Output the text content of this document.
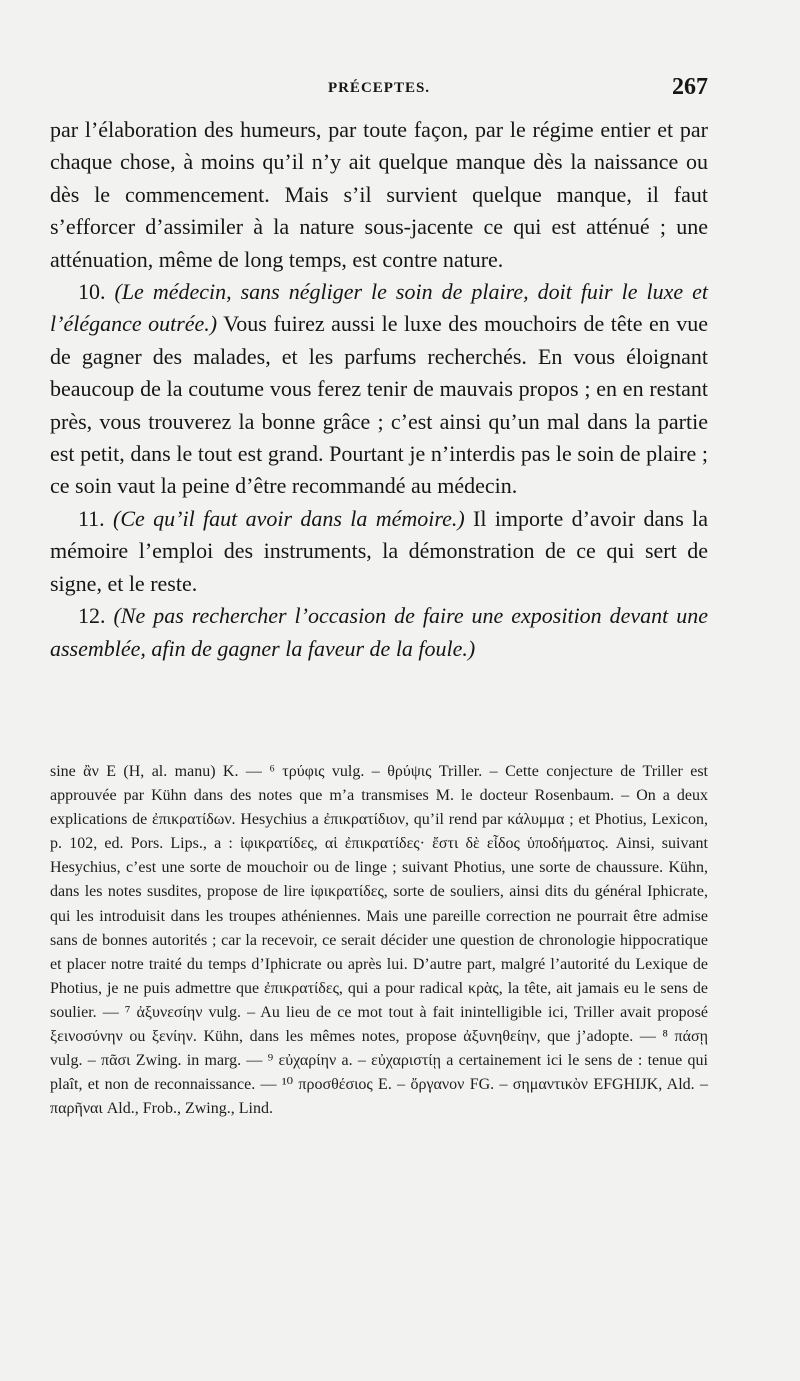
PRÉCEPTES.	267

par l’élaboration des humeurs, par toute façon, par le régime entier et par chaque chose, à moins qu’il n’y ait quelque manque dès la naissance ou dès le commencement. Mais s’il survient quelque manque, il faut s’efforcer d’assimiler à la nature sous-jacente ce qui est atténué ; une atténuation, même de long temps, est contre nature.

10. (Le médecin, sans négliger le soin de plaire, doit fuir le luxe et l’élégance outrée.) Vous fuirez aussi le luxe des mouchoirs de tête en vue de gagner des malades, et les parfums recherchés. En vous éloignant beaucoup de la coutume vous ferez tenir de mauvais propos ; en en restant près, vous trouverez la bonne grâce ; c’est ainsi qu’un mal dans la partie est petit, dans le tout est grand. Pourtant je n’interdis pas le soin de plaire ; ce soin vaut la peine d’être recommandé au médecin.

11. (Ce qu’il faut avoir dans la mémoire.) Il importe d’avoir dans la mémoire l’emploi des instruments, la démonstration de ce qui sert de signe, et le reste.

12. (Ne pas rechercher l’occasion de faire une exposition devant une assemblée, afin de gagner la faveur de la foule.)

sine ἂν E (H, al. manu) K. — ⁶ τρύφις vulg. – θρύψις Triller. – Cette conjecture de Triller est approuvée par Kühn dans des notes que m’a transmises M. le docteur Rosenbaum. – On a deux explications de ἐπικρατίδων. Hesychius a ἐπικρατίδιον, qu’il rend par κάλυμμα ; et Photius, Lexicon, p. 102, ed. Pors. Lips., a : ἰφικρατίδες, αἱ ἐπικρατίδες· ἔστι δὲ εἶδος ὑποδήματος. Ainsi, suivant Hesychius, c’est une sorte de mouchoir ou de linge ; suivant Photius, une sorte de chaussure. Kühn, dans les notes susdites, propose de lire ἰφικρατίδες, sorte de souliers, ainsi dits du général Iphicrate, qui les introduisit dans les troupes athéniennes. Mais une pareille correction ne pourrait être admise sans de bonnes autorités ; car la recevoir, ce serait décider une question de chronologie hippocratique et placer notre traité du temps d’Iphicrate ou après lui. D’autre part, malgré l’autorité du Lexique de Photius, je ne puis admettre que ἐπικρατίδες, qui a pour radical κρὰς, la tête, ait jamais eu le sens de soulier. — ⁷ ἀξυνεσίην vulg. – Au lieu de ce mot tout à fait inintelligible ici, Triller avait proposé ξεινοσύνην ou ξενίην. Kühn, dans les mêmes notes, propose ἀξυνηθείην, que j’adopte. — ⁸ πάσῃ vulg. – πᾶσι Zwing. in marg. — ⁹ εὐχαρίην a. – εὐχαριστίῃ a certainement ici le sens de : tenue qui plaît, et non de reconnaissance. — ¹⁰ προσθέσιος E. – ὄργανον FG. – σημαντικὸν EFGHIJK, Ald. – παρῆναι Ald., Frob., Zwing., Lind.
